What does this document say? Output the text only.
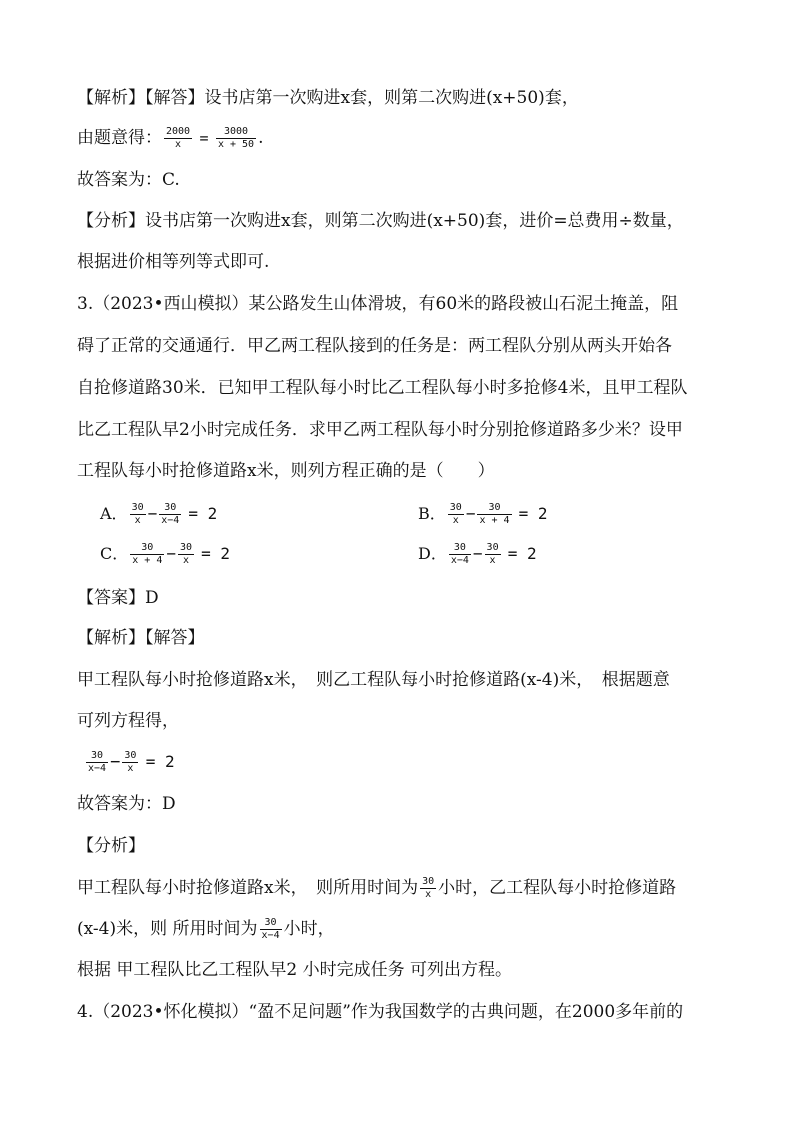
【解析】【解答】设书店第一次购进x套，则第二次购进(x+50)套，
由题意得： $\frac{2000}{x} = \frac{3000}{x + 50}$ .
故答案为：C.
【分析】设书店第一次购进x套，则第二次购进(x+50)套，进价=总费用÷数量，
根据进价相等列等式即可.
3.（2023•西山模拟）某公路发生山体滑坡，有60米的路段被山石泥土掩盖，阻
碍了正常的交通通行．甲乙两工程队接到的任务是：两工程队分别从两头开始各
自抢修道路30米．已知甲工程队每小时比乙工程队每小时多抢修4米，且甲工程队
比乙工程队早2小时完成任务．求甲乙两工程队每小时分别抢修道路多少米？设甲
工程队每小时抢修道路x米，则列方程正确的是（　　）
A． $\frac{30}{x} - \frac{30}{x-4} = 2$	B． $\frac{30}{x} - \frac{30}{x + 4} = 2$
C． $\frac{30}{x + 4} - \frac{30}{x} = 2$	D． $\frac{30}{x-4} - \frac{30}{x} = 2$
【答案】D
【解析】【解答】
甲工程队每小时抢修道路x米，　则乙工程队每小时抢修道路(x-4)米，　根据题意
可列方程得，
$\frac{30}{x-4} - \frac{30}{x} = 2$
故答案为：D
【分析】
甲工程队每小时抢修道路x米，　则所用时间为 $\frac{30}{x}$ 小时，乙工程队每小时抢修道路
(x-4)米，则 所用时间为 $\frac{30}{x-4}$ 小时，
根据 甲工程队比乙工程队早2 小时完成任务 可列出方程。
4.（2023•怀化模拟）“盈不足问题”作为我国数学的古典问题，在2000多年前的
